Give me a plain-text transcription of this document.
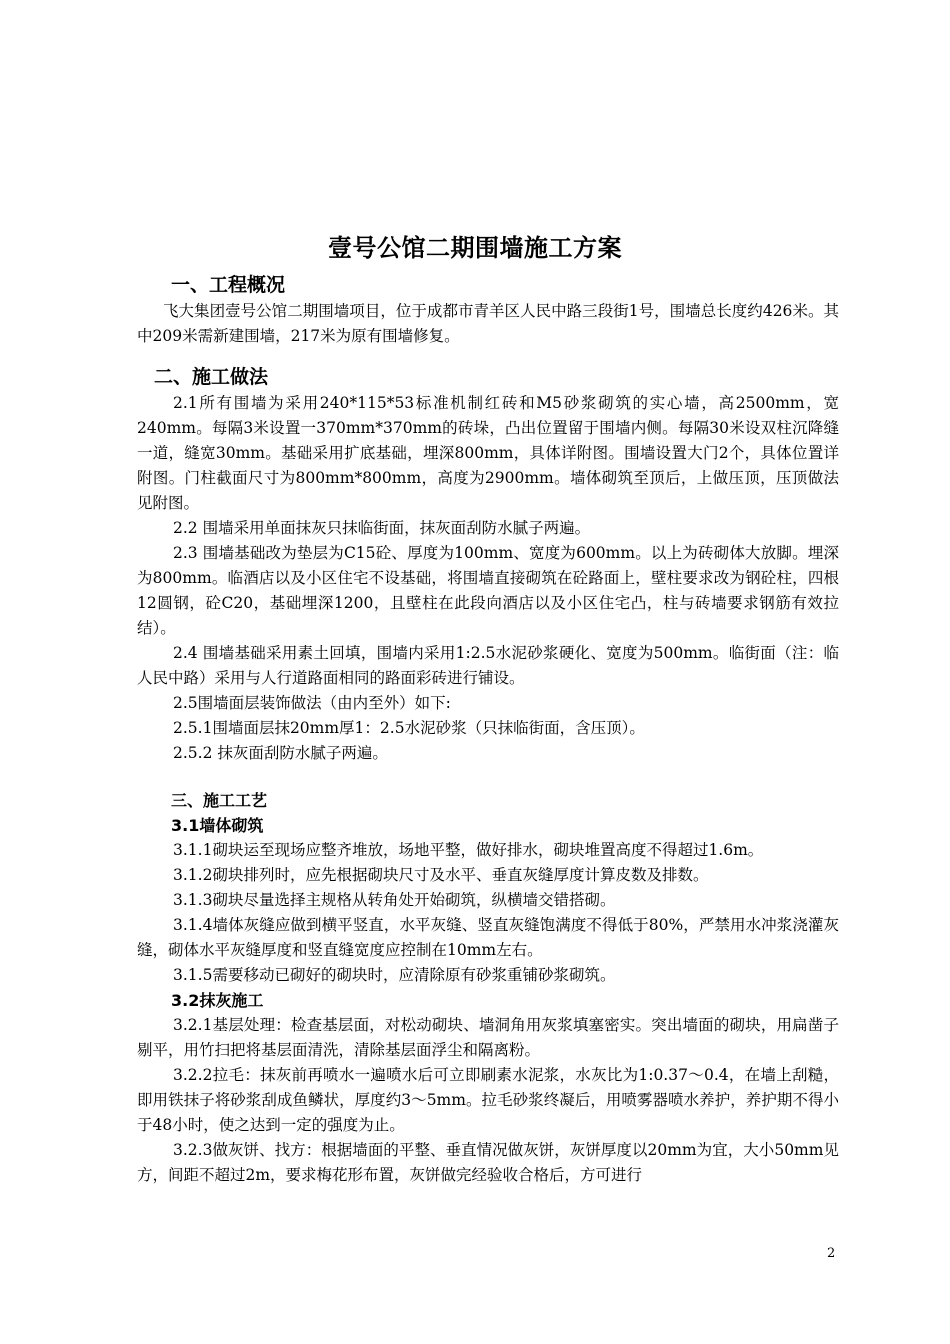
壹号公馆二期围墙施工方案
一、工程概况

飞大集团壹号公馆二期围墙项目，位于成都市青羊区人民中路三段街1号，围墙总长度约426米。其中209米需新建围墙，217米为原有围墙修复。

二、施工做法

2.1所有围墙为采用240*115*53标准机制红砖和M5砂浆砌筑的实心墙，高2500mm，宽240mm。每隔3米设置一370mm*370mm的砖垛，凸出位置留于围墙内侧。每隔30米设双柱沉降缝一道，缝宽30mm。基础采用扩底基础，埋深800mm，具体详附图。围墙设置大门2个，具体位置详附图。门柱截面尺寸为800mm*800mm，高度为2900mm。墙体砌筑至顶后，上做压顶，压顶做法见附图。

2.2 围墙采用单面抹灰只抹临街面，抹灰面刮防水腻子两遍。

2.3 围墙基础改为垫层为C15砼、厚度为100mm、宽度为600mm。以上为砖砌体大放脚。埋深为800mm。临酒店以及小区住宅不设基础，将围墙直接砌筑在砼路面上，壁柱要求改为钢砼柱，四根12圆钢，砼C20，基础埋深1200，且壁柱在此段向酒店以及小区住宅凸，柱与砖墙要求钢筋有效拉结）。

2.4 围墙基础采用素土回填，围墙内采用1:2.5水泥砂浆硬化、宽度为500mm。临街面（注：临人民中路）采用与人行道路面相同的路面彩砖进行铺设。

2.5围墙面层装饰做法（由内至外）如下:

2.5.1围墙面层抹20mm厚1：2.5水泥砂浆（只抹临街面，含压顶）。

2.5.2 抹灰面刮防水腻子两遍。

三、施工工艺
3.1墙体砌筑

3.1.1砌块运至现场应整齐堆放，场地平整，做好排水，砌块堆置高度不得超过1.6m。

3.1.2砌块排列时，应先根据砌块尺寸及水平、垂直灰缝厚度计算皮数及排数。

3.1.3砌块尽量选择主规格从转角处开始砌筑，纵横墙交错搭砌。

3.1.4墙体灰缝应做到横平竖直，水平灰缝、竖直灰缝饱满度不得低于80%，严禁用水冲浆浇灌灰缝，砌体水平灰缝厚度和竖直缝宽度应控制在10mm左右。

3.1.5需要移动已砌好的砌块时，应清除原有砂浆重铺砂浆砌筑。

3.2抹灰施工

3.2.1基层处理：检查基层面，对松动砌块、墙洞角用灰浆填塞密实。突出墙面的砌块，用扁凿子剔平，用竹扫把将基层面清洗，清除基层面浮尘和隔离粉。

3.2.2拉毛：抹灰前再喷水一遍喷水后可立即刷素水泥浆，水灰比为1:0.37～0.4，在墙上刮糙，即用铁抹子将砂浆刮成鱼鳞状，厚度约3～5mm。拉毛砂浆终凝后，用喷雾器喷水养护，养护期不得小于48小时，使之达到一定的强度为止。

3.2.3做灰饼、找方：根据墙面的平整、垂直情况做灰饼，灰饼厚度以20mm为宜，大小50mm见方，间距不超过2m，要求梅花形布置，灰饼做完经验收合格后，方可进行

2
